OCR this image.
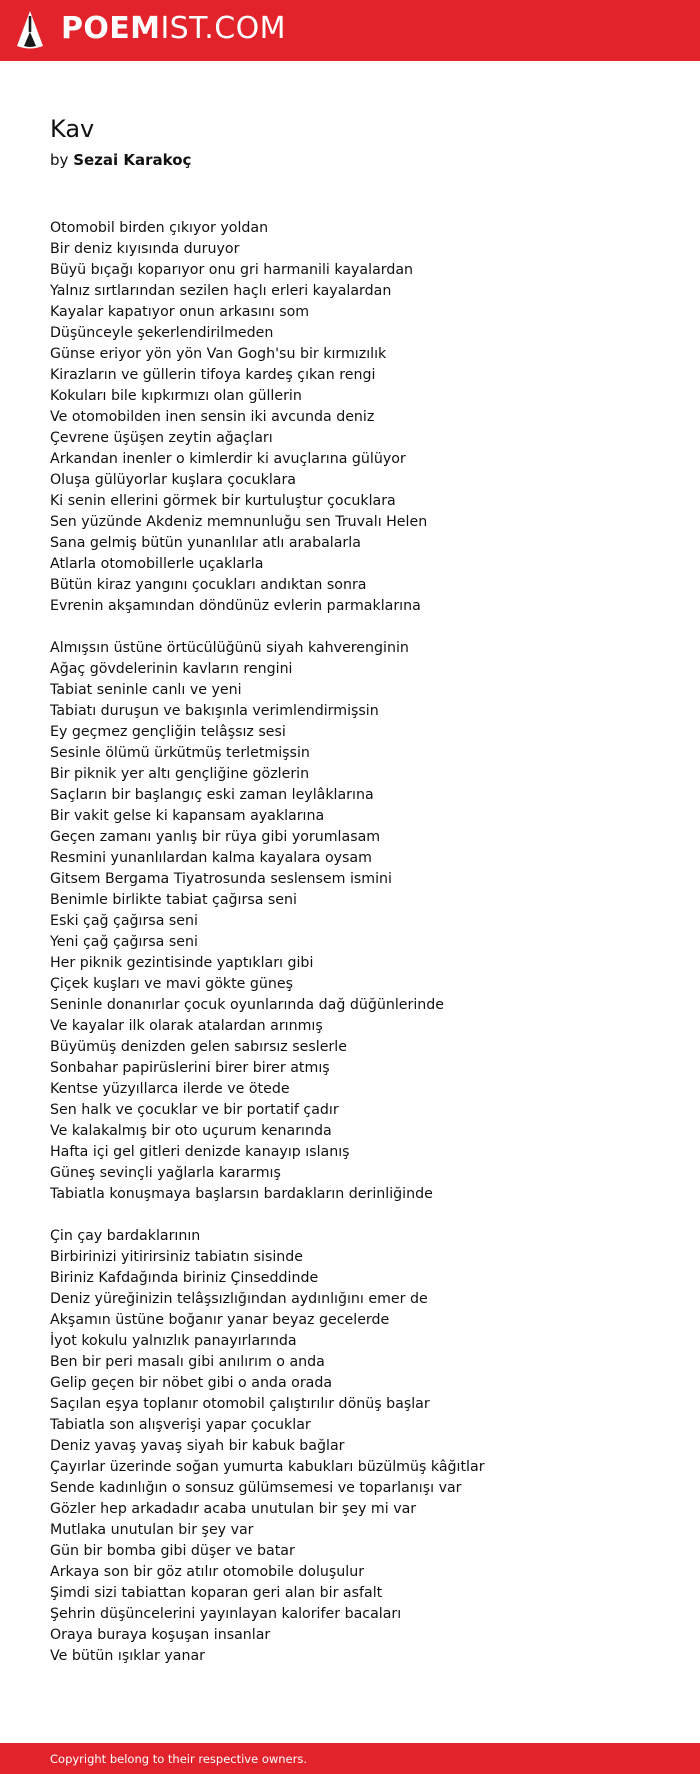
POEMIST.COM
Kav
by Sezai Karakoç
Otomobil birden çıkıyor yoldan
Bir deniz kıyısında duruyor
Büyü bıçağı koparıyor onu gri harmanili kayalardan
Yalnız sırtlarından sezilen haçlı erleri kayalardan
Kayalar kapatıyor onun arkasını som
Düşünceyle şekerlendirilmeden
Günse eriyor yön yön Van Gogh'su bir kırmızılık
Kirazların ve güllerin tifoya kardeş çıkan rengi
Kokuları bile kıpkırmızı olan güllerin
Ve otomobilden inen sensin iki avcunda deniz
Çevrene üşüşen zeytin ağaçları
Arkandan inenler o kimlerdir ki avuçlarına gülüyor
Oluşa gülüyorlar kuşlara çocuklara
Ki senin ellerini görmek bir kurtuluştur çocuklara
Sen yüzünde Akdeniz memnunluğu sen Truvalı Helen
Sana gelmiş bütün yunanlılar atlı arabalarla
Atlarla otomobillerle uçaklarla
Bütün kiraz yangını çocukları andıktan sonra
Evrenin akşamından döndünüz evlerin parmaklarına
Almışsın üstüne örtücülüğünü siyah kahverenginin
Ağaç gövdelerinin kavların rengini
Tabiat seninle canlı ve yeni
Tabiatı duruşun ve bakışınla verimlendirmişsin
Ey geçmez gençliğin telâşsız sesi
Sesinle ölümü ürkütmüş terletmişsin
Bir piknik yer altı gençliğine gözlerin
Saçların bir başlangıç eski zaman leylâklarına
Bir vakit gelse ki kapansam ayaklarına
Geçen zamanı yanlış bir rüya gibi yorumlasam
Resmini yunanlılardan kalma kayalara oysam
Gitsem Bergama Tiyatrosunda seslensem ismini
Benimle birlikte tabiat çağırsa seni
Eski çağ çağırsa seni
Yeni çağ çağırsa seni
Her piknik gezintisinde yaptıkları gibi
Çiçek kuşları ve mavi gökte güneş
Seninle donanırlar çocuk oyunlarında dağ düğünlerinde
Ve kayalar ilk olarak atalardan arınmış
Büyümüş denizden gelen sabırsız seslerle
Sonbahar papirüslerini birer birer atmış
Kentse yüzyıllarca ilerde ve ötede
Sen halk ve çocuklar ve bir portatif çadır
Ve kalakalmış bir oto uçurum kenarında
Hafta içi gel gitleri denizde kanayıp ıslanış
Güneş sevinçli yağlarla kararmış
Tabiatla konuşmaya başlarsın bardakların derinliğinde
Çin çay bardaklarının
Birbirinizi yitirirsiniz tabiatın sisinde
Biriniz Kafdağında biriniz Çinseddinde
Deniz yüreğinizin telâşsızlığından aydınlığını emer de
Akşamın üstüne boğanır yanar beyaz gecelerde
İyot kokulu yalnızlık panayırlarında
Ben bir peri masalı gibi anılırım o anda
Gelip geçen bir nöbet gibi o anda orada
Saçılan eşya toplanır otomobil çalıştırılır dönüş başlar
Tabiatla son alışverişi yapar çocuklar
Deniz yavaş yavaş siyah bir kabuk bağlar
Çayırlar üzerinde soğan yumurta kabukları büzülmüş kâğıtlar
Sende kadınlığın o sonsuz gülümsemesi ve toparlanışı var
Gözler hep arkadadır acaba unutulan bir şey mi var
Mutlaka unutulan bir şey var
Gün bir bomba gibi düşer ve batar
Arkaya son bir göz atılır otomobile doluşulur
Şimdi sizi tabiattan koparan geri alan bir asfalt
Şehrin düşüncelerini yayınlayan kalorifer bacaları
Oraya buraya koşuşan insanlar
Ve bütün ışıklar yanar
Copyright belong to their respective owners.
